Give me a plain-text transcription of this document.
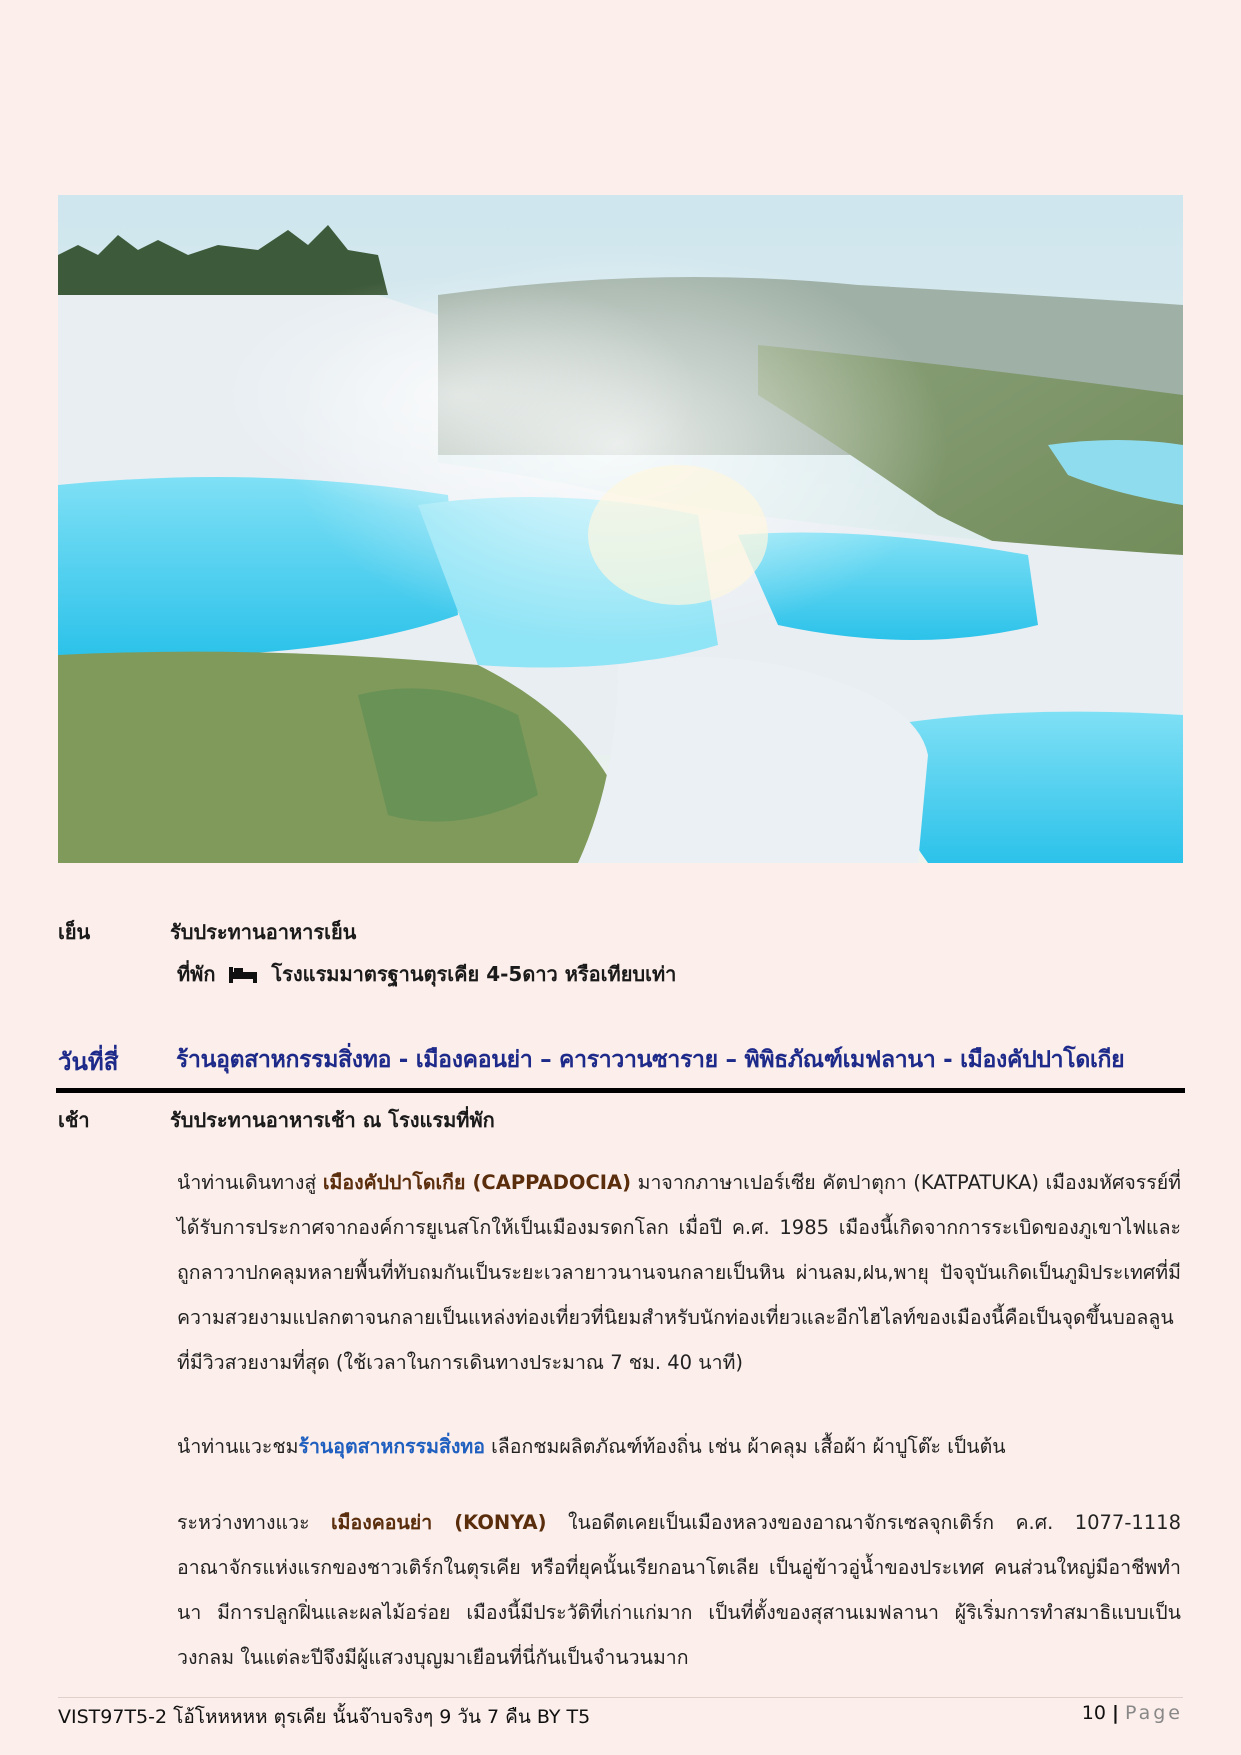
เย็น	รับประทานอาหารเย็น
ที่พัก	โรงแรมมาตรฐานตุรเคีย 4-5ดาว หรือเทียบเท่า
วันที่สี่	ร้านอุตสาหกรรมสิ่งทอ - เมืองคอนย่า – คาราวานซาราย – พิพิธภัณฑ์เมฟลานา - เมืองคัปปาโดเกีย
เช้า	รับประทานอาหารเช้า ณ โรงแรมที่พัก
นำท่านเดินทางสู่ เมืองคัปปาโดเกีย (CAPPADOCIA) มาจากภาษาเปอร์เซีย คัตปาตุกา (KATPATUKA) เมืองมหัศจรรย์ที่ได้รับการประกาศจากองค์การยูเนสโกให้เป็นเมืองมรดกโลก เมื่อปี ค.ศ. 1985 เมืองนี้เกิดจากการระเบิดของภูเขาไฟและถูกลาวาปกคลุมหลายพื้นที่ทับถมกันเป็นระยะเวลายาวนานจนกลายเป็นหิน ผ่านลม,ฝน,พายุ ปัจจุบันเกิดเป็นภูมิประเทศที่มีความสวยงามแปลกตาจนกลายเป็นแหล่งท่องเที่ยวที่นิยมสำหรับนักท่องเที่ยวและอีกไฮไลท์ของเมืองนี้คือเป็นจุดขึ้นบอลลูนที่มีวิวสวยงามที่สุด (ใช้เวลาในการเดินทางประมาณ 7 ชม. 40 นาที)
นำท่านแวะชมร้านอุตสาหกรรมสิ่งทอ เลือกชมผลิตภัณฑ์ท้องถิ่น เช่น ผ้าคลุม เสื้อผ้า ผ้าปูโต๊ะ เป็นต้น
ระหว่างทางแวะ เมืองคอนย่า (KONYA) ในอดีตเคยเป็นเมืองหลวงของอาณาจักรเซลจุกเติร์ก ค.ศ. 1077-1118 อาณาจักรแห่งแรกของชาวเติร์กในตุรเคีย หรือที่ยุคนั้นเรียกอนาโตเลีย เป็นอู่ข้าวอู่น้ำของประเทศ คนส่วนใหญ่มีอาชีพทำนา มีการปลูกฝิ่นและผลไม้อร่อย เมืองนี้มีประวัติที่เก่าแก่มาก เป็นที่ตั้งของสุสานเมฟลานา ผู้ริเริ่มการทำสมาธิแบบเป็นวงกลม ในแต่ละปีจึงมีผู้แสวงบุญมาเยือนที่นี่กันเป็นจำนวนมาก
VIST97T5-2 โอ้โหหหหห ตุรเคีย นั้นจ๊าบจริงๆ 9 วัน 7 คืน BY T5	10 | Page
